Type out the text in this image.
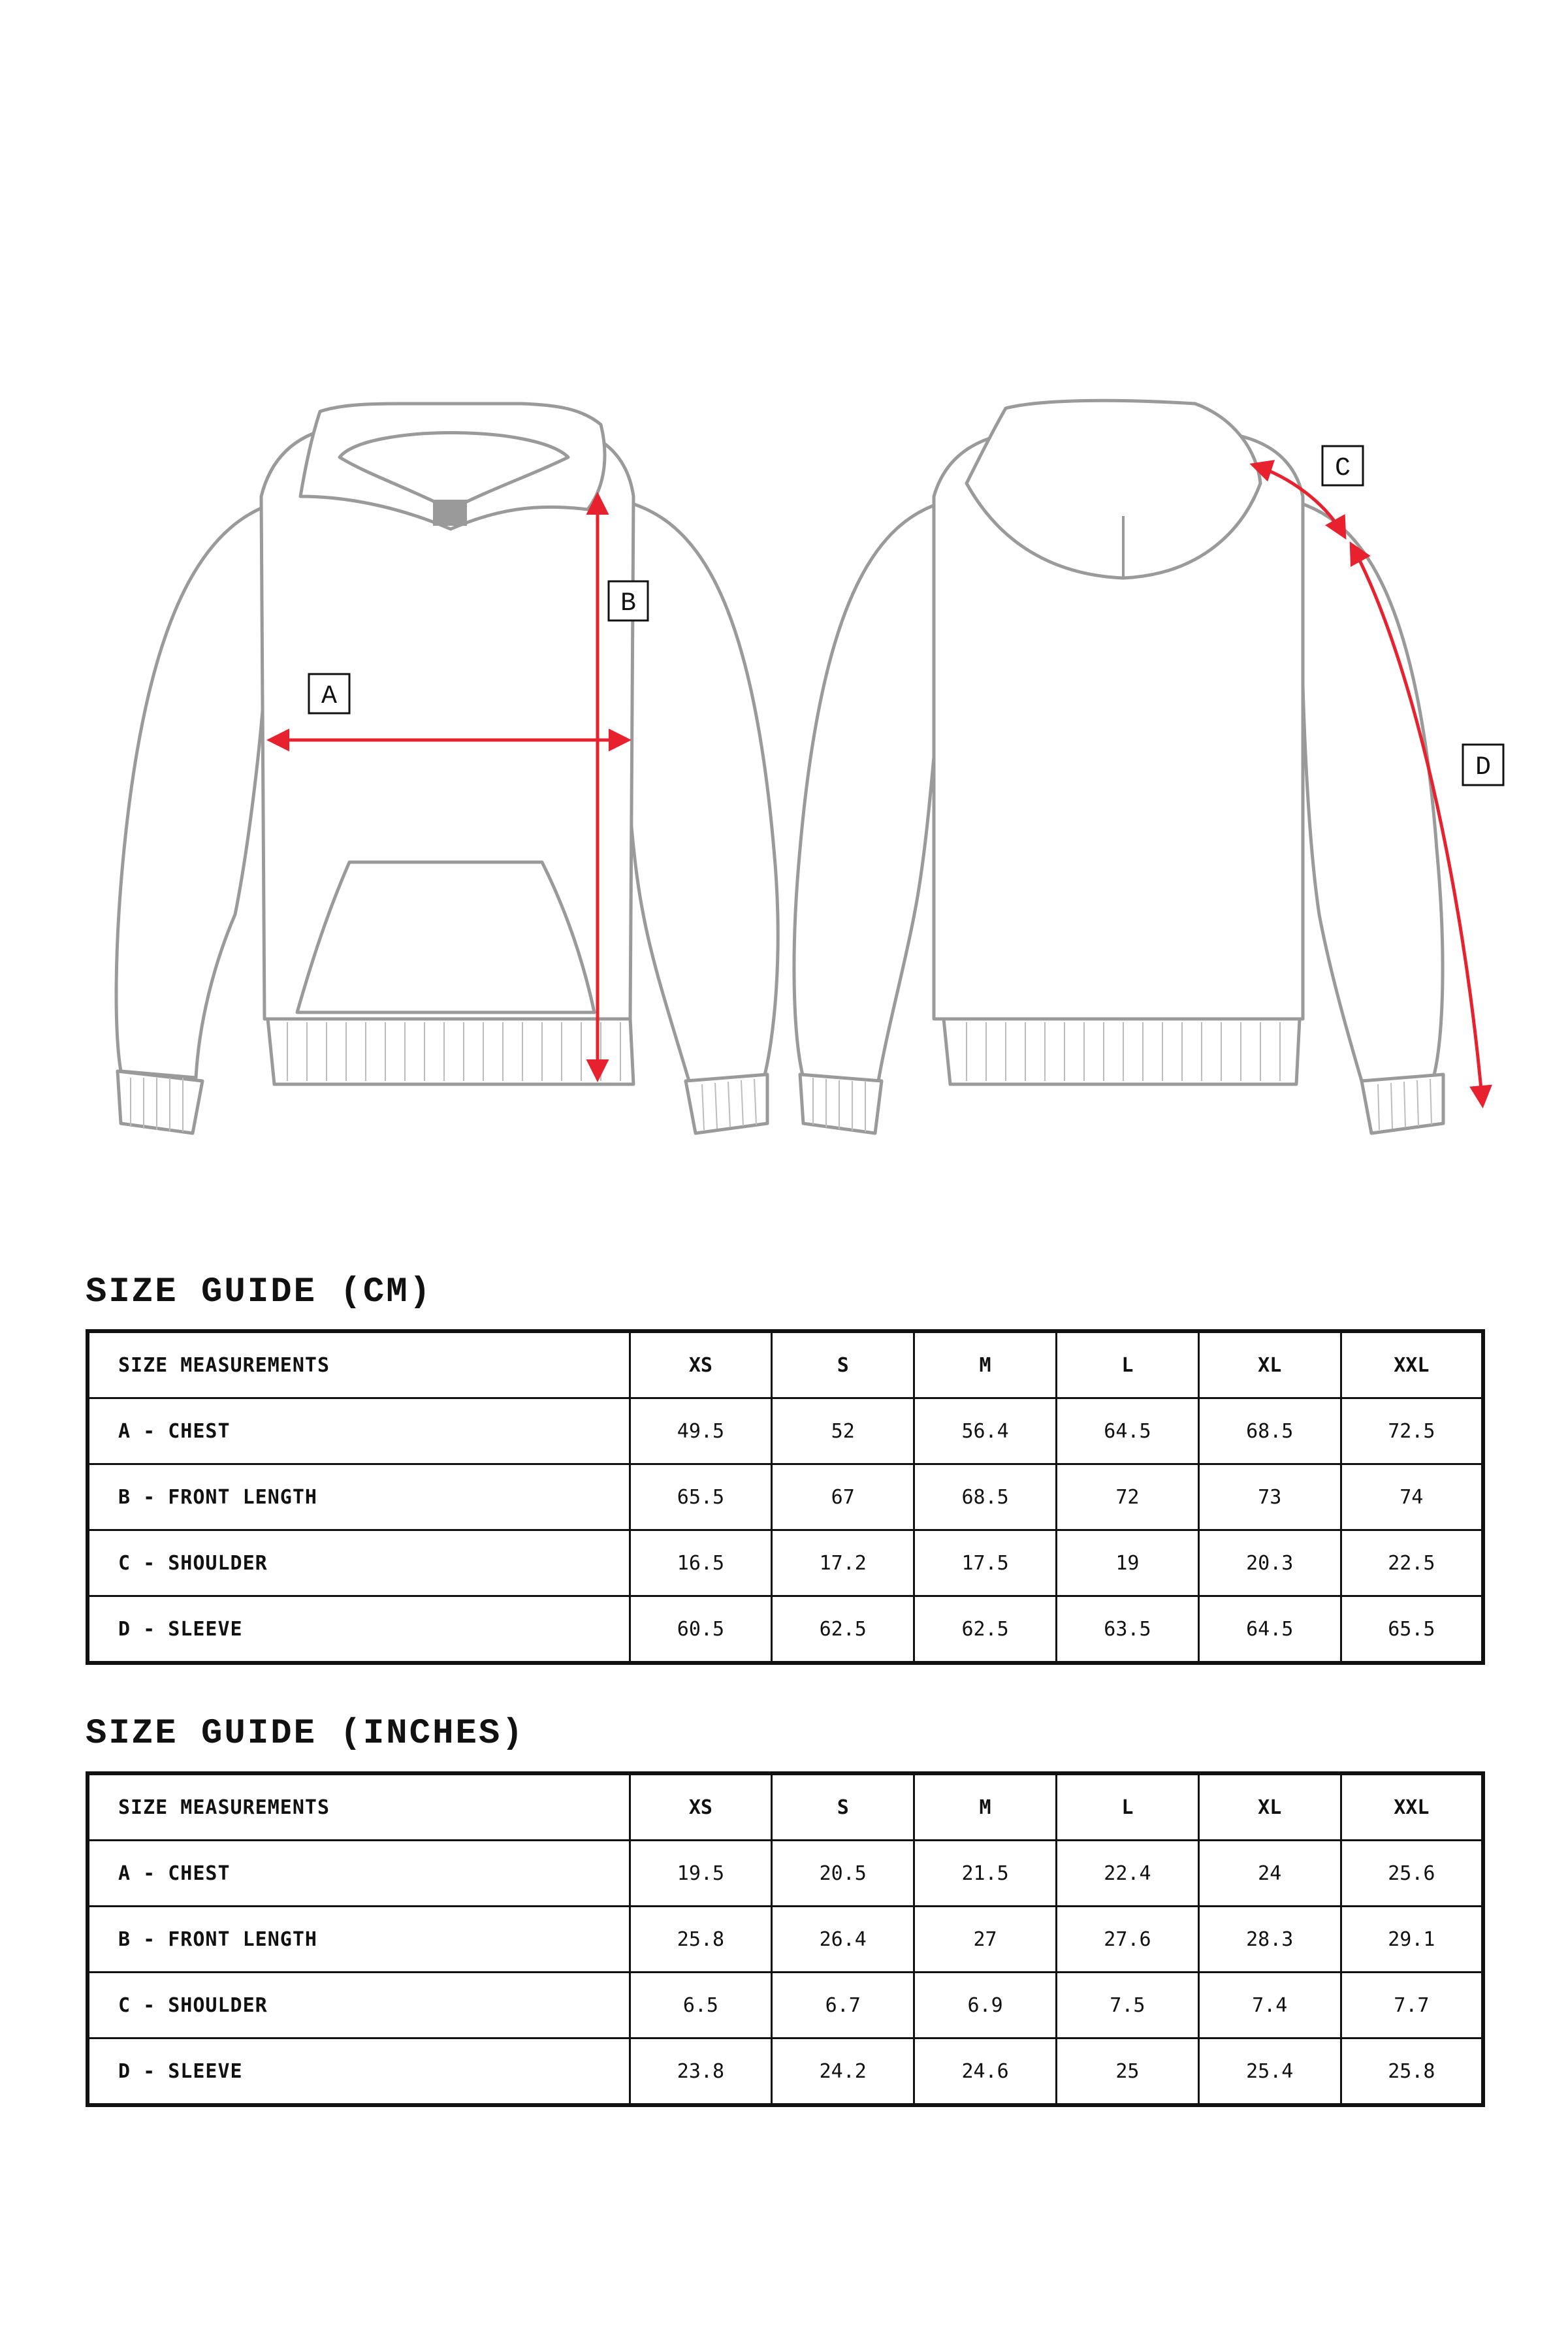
A
B
C
D
SIZE GUIDE (CM)
SIZE MEASUREMENTS	XS	S	M	L	XL	XXL
A - CHEST	49.5	52	56.4	64.5	68.5	72.5
B - FRONT LENGTH	65.5	67	68.5	72	73	74
C - SHOULDER	16.5	17.2	17.5	19	20.3	22.5
D - SLEEVE	60.5	62.5	62.5	63.5	64.5	65.5
SIZE GUIDE (INCHES)
SIZE MEASUREMENTS	XS	S	M	L	XL	XXL
A - CHEST	19.5	20.5	21.5	22.4	24	25.6
B - FRONT LENGTH	25.8	26.4	27	27.6	28.3	29.1
C - SHOULDER	6.5	6.7	6.9	7.5	7.4	7.7
D - SLEEVE	23.8	24.2	24.6	25	25.4	25.8
